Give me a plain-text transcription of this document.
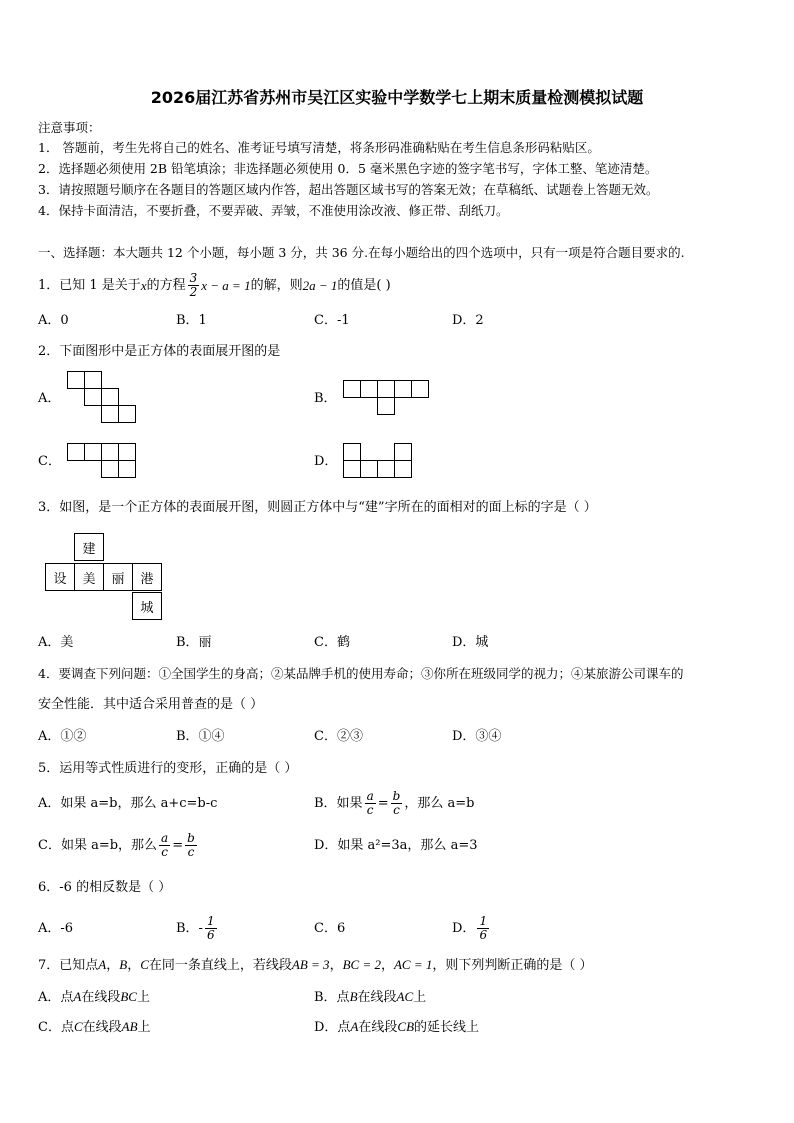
2026届江苏省苏州市吴江区实验中学数学七上期末质量检测模拟试题
注意事项：
1． 答题前，考生先将自己的姓名、准考证号填写清楚，将条形码准确粘贴在考生信息条形码粘贴区。
2．选择题必须使用 2B 铅笔填涂；非选择题必须使用 0．5 毫米黑色字迹的签字笔书写，字体工整、笔迹清楚。
3．请按照题号顺序在各题目的答题区域内作答，超出答题区域书写的答案无效；在草稿纸、试题卷上答题无效。
4．保持卡面清洁，不要折叠，不要弄破、弄皱，不准使用涂改液、修正带、刮纸刀。
一、选择题：本大题共 12 个小题，每小题 3 分，共 36 分.在每小题给出的四个选项中，只有一项是符合题目要求的.
1．已知 1 是关于 x 的方程 $\frac{3}{2}$ x − a = 1 的解，则 2a − 1 的值是( )
A．0	B．1	C．-1	D．2
2．下面图形中是正方体的表面展开图的是
A．	B．
C．	D．
3．如图，是一个正方体的表面展开图，则圆正方体中与“建”字所在的面相对的面上标的字是（ ）
建
设	美	丽	港
城
A．美	B．丽	C．鹤	D．城
4．要调查下列问题：①全国学生的身高；②某品牌手机的使用寿命；③你所在班级同学的视力；④某旅游公司课车的
安全性能．其中适合采用普查的是（ ）
A．①②	B．①④	C．②③	D．③④
5．运用等式性质进行的变形，正确的是（ ）
A．如果 a=b，那么 a+c=b-c	B．如果 $\frac{a}{c} = \frac{b}{c}$ ，那么 a=b
C．如果 a=b，那么 $\frac{a}{c} = \frac{b}{c}$	D．如果 a²=3a，那么 a=3
6．-6 的相反数是（ ）
A．-6	B．- $\frac{1}{6}$	C．6	D． $\frac{1}{6}$
7．已知点A，B，C在同一条直线上，若线段AB = 3，BC = 2，AC = 1，则下列判断正确的是（ ）
A．点A在线段BC上	B．点B在线段AC上
C．点C在线段AB上	D．点A在线段CB的延长线上
